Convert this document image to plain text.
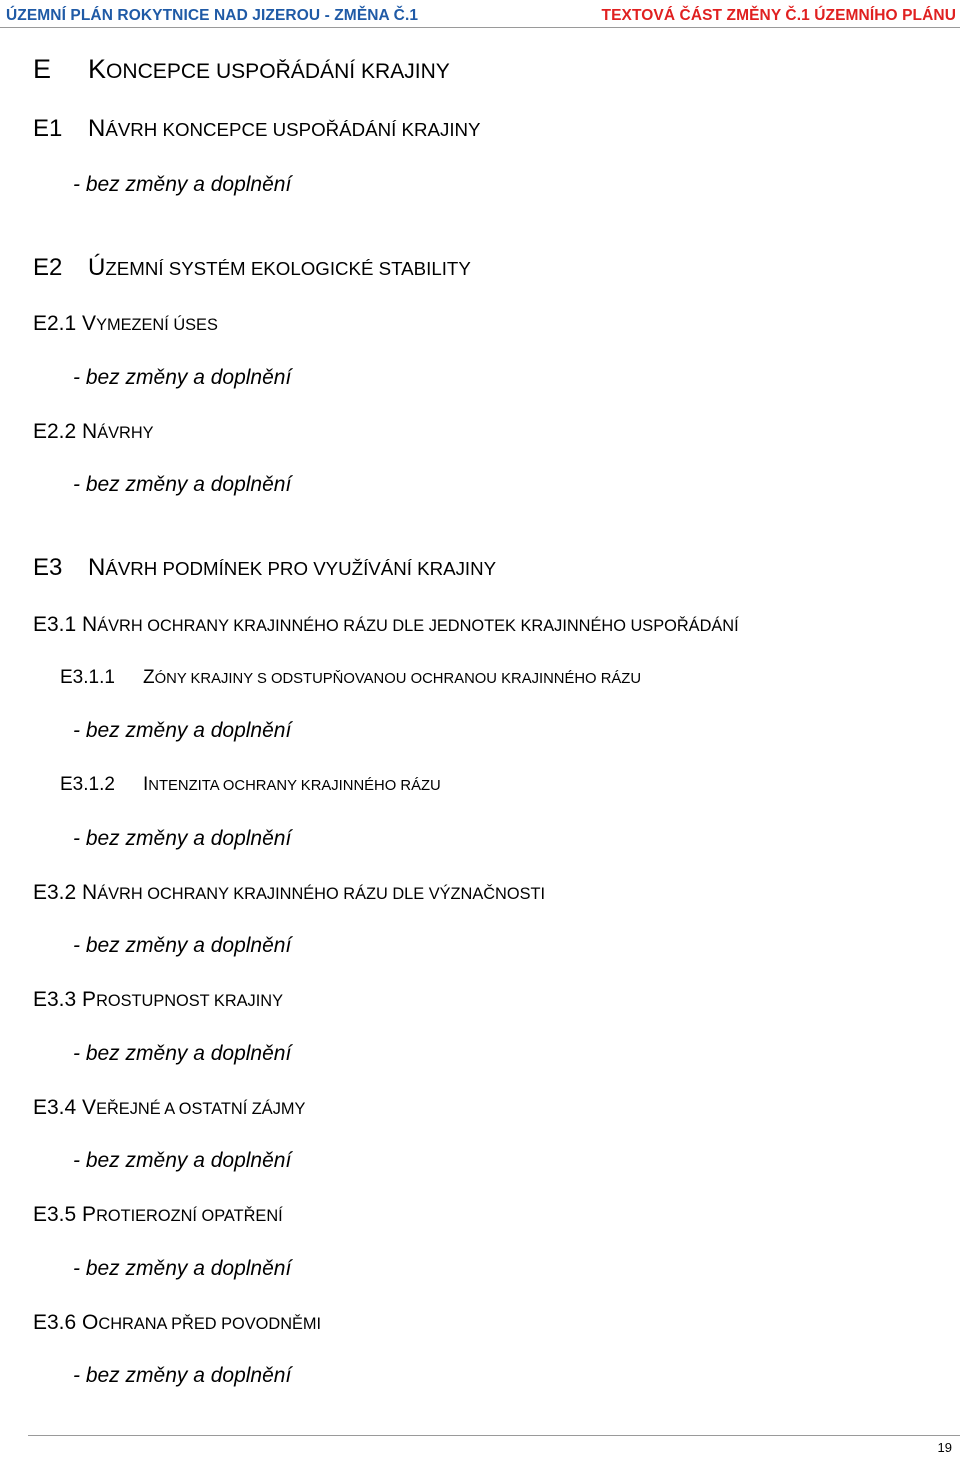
ÚZEMNÍ PLÁN ROKYTNICE NAD JIZEROU - ZMĚNA Č.1	TEXTOVÁ ČÁST ZMĚNY Č.1 ÚZEMNÍHO PLÁNU
E KONCEPCE USPOŘÁDÁNÍ KRAJINY
E1 NÁVRH KONCEPCE USPOŘÁDÁNÍ KRAJINY
- bez změny a doplnění
E2 ÚZEMNÍ SYSTÉM EKOLOGICKÉ STABILITY
E2.1 VYMEZENÍ ÚSES
- bez změny a doplnění
E2.2 NÁVRHY
- bez změny a doplnění
E3 NÁVRH PODMÍNEK PRO VYUŽÍVÁNÍ KRAJINY
E3.1 NÁVRH OCHRANY KRAJINNÉHO RÁZU DLE JEDNOTEK KRAJINNÉHO USPOŘÁDÁNÍ
E3.1.1 ZÓNY KRAJINY S ODSTUPŇOVANOU OCHRANOU KRAJINNÉHO RÁZU
- bez změny a doplnění
E3.1.2 INTENZITA OCHRANY KRAJINNÉHO RÁZU
- bez změny a doplnění
E3.2 NÁVRH OCHRANY KRAJINNÉHO RÁZU DLE VÝZNAČNOSTI
- bez změny a doplnění
E3.3 PROSTUPNOST KRAJINY
- bez změny a doplnění
E3.4 VEŘEJNÉ A OSTATNÍ ZÁJMY
- bez změny a doplnění
E3.5 PROTIEROZNÍ OPATŘENÍ
- bez změny a doplnění
E3.6 OCHRANA PŘED POVODNĚMI
- bez změny a doplnění
19
